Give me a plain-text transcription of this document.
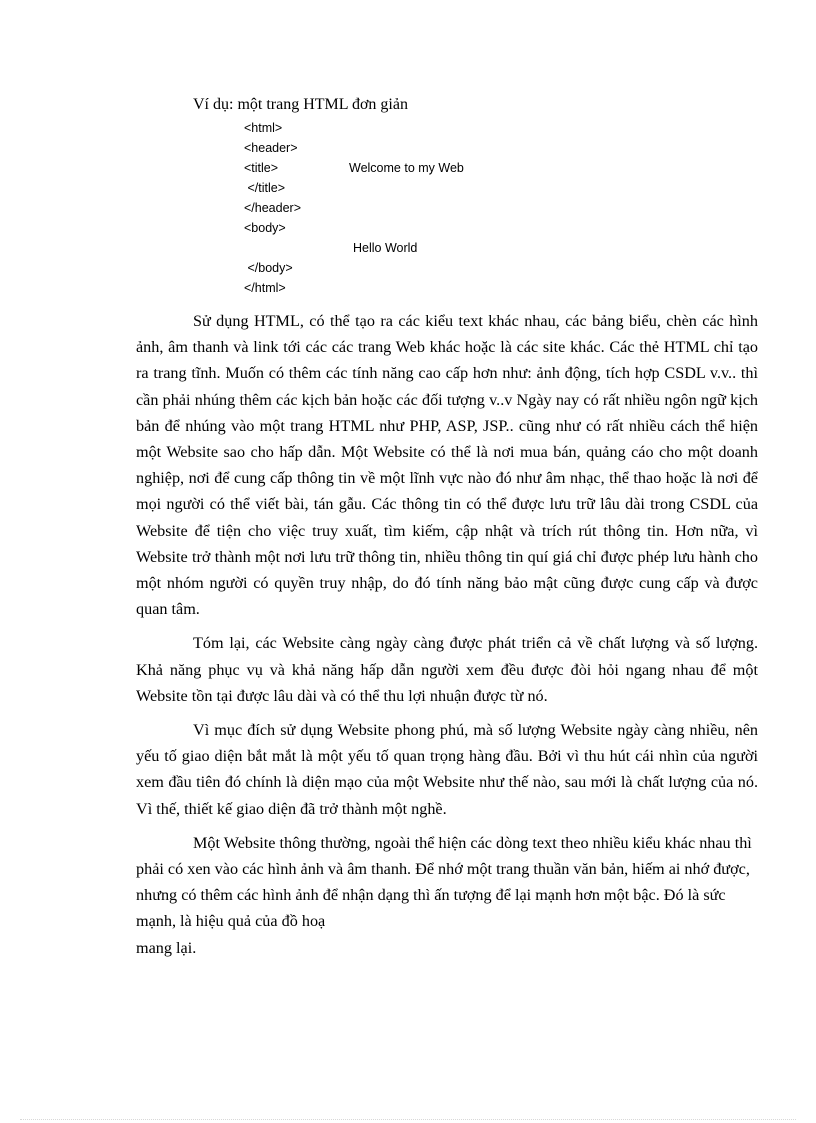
Ví dụ: một trang HTML đơn giản
<html>
<header>
<title>	Welcome to my Web
</title>
</header>
<body>
Hello World
</body>
</html>

Sử dụng HTML, có thể tạo ra các kiểu text khác nhau, các bảng biểu, chèn các hình ảnh, âm thanh và link tới các các trang Web khác hoặc là các site khác. Các thẻ HTML chỉ tạo ra trang tĩnh. Muốn có thêm các tính năng cao cấp hơn như: ảnh động, tích hợp CSDL v.v.. thì cần phải nhúng thêm các kịch bản hoặc các đối tượng v..v Ngày nay có rất nhiều ngôn ngữ kịch bản để nhúng vào một trang HTML như PHP, ASP, JSP.. cũng như có rất nhiều cách thể hiện một Website sao cho hấp dẫn. Một Website có thể là nơi mua bán, quảng cáo cho một doanh nghiệp, nơi để cung cấp thông tin về một lĩnh vực nào đó như âm nhạc, thể thao hoặc là nơi để mọi người có thể viết bài, tán gẫu. Các thông tin có thể được lưu trữ lâu dài trong CSDL của Website để tiện cho việc truy xuất, tìm kiếm, cập nhật và trích rút thông tin. Hơn nữa, vì Website trở thành một nơi lưu trữ thông tin, nhiều thông tin quí giá chỉ được phép lưu hành cho một nhóm người có quyền truy nhập, do đó tính năng bảo mật cũng được cung cấp và được quan tâm.

Tóm lại, các Website càng ngày càng được phát triển cả về chất lượng và số lượng. Khả năng phục vụ và khả năng hấp dẫn người xem đều được đòi hỏi ngang nhau để một Website tồn tại được lâu dài và có thể thu lợi nhuận được từ nó.

Vì mục đích sử dụng Website phong phú, mà số lượng Website ngày càng nhiều, nên yếu tố giao diện bắt mắt là một yếu tố quan trọng hàng đầu. Bởi vì thu hút cái nhìn của người xem đầu tiên đó chính là diện mạo của một Website như thế nào, sau mới là chất lượng của nó. Vì thế, thiết kế giao diện đã trở thành một nghề.

Một Website thông thường, ngoài thể hiện các dòng text theo nhiều kiểu khác nhau thì phải có xen vào các hình ảnh và âm thanh. Để nhớ một trang thuần văn bản, hiếm ai nhớ được, nhưng có thêm các hình ảnh để nhận dạng thì ấn tượng để lại mạnh hơn một bậc. Đó là sức mạnh, là hiệu quả của đồ hoạ
mang lại.
